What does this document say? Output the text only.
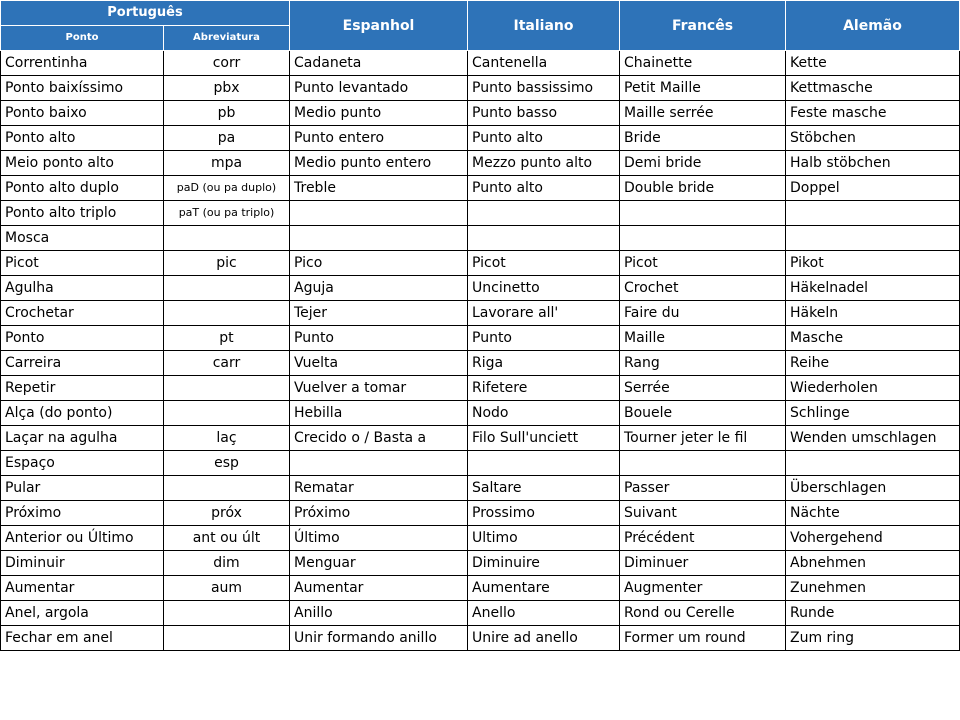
Português		Espanhol	Italiano	Francês	Alemão
Ponto	Abreviatura				
Correntinha	corr	Cadaneta	Cantenella	Chainette	Kette
Ponto baixíssimo	pbx	Punto levantado	Punto bassissimo	Petit Maille	Kettmasche
Ponto baixo	pb	Medio punto	Punto basso	Maille serrée	Feste masche
Ponto alto	pa	Punto entero	Punto alto	Bride	Stöbchen
Meio ponto alto	mpa	Medio punto entero	Mezzo punto alto	Demi bride	Halb stöbchen
Ponto alto duplo	paD (ou pa duplo)	Treble	Punto alto	Double bride	Doppel
Ponto alto triplo	paT (ou pa triplo)				
Mosca					
Picot	pic	Pico	Picot	Picot	Pikot
Agulha		Aguja	Uncinetto	Crochet	Häkelnadel
Crochetar		Tejer	Lavorare all'	Faire du	Häkeln
Ponto	pt	Punto	Punto	Maille	Masche
Carreira	carr	Vuelta	Riga	Rang	Reihe
Repetir		Vuelver a tomar	Rifetere	Serrée	Wiederholen
Alça (do ponto)		Hebilla	Nodo	Bouele	Schlinge
Laçar na agulha	laç	Crecido o / Basta a	Filo Sull'unciett	Tourner jeter le fil	Wenden umschlagen
Espaço	esp				
Pular		Rematar	Saltare	Passer	Überschlagen
Próximo	próx	Próximo	Prossimo	Suivant	Nächte
Anterior ou Último	ant ou últ	Último	Ultimo	Précédent	Vohergehend
Diminuir	dim	Menguar	Diminuire	Diminuer	Abnehmen
Aumentar	aum	Aumentar	Aumentare	Augmenter	Zunehmen
Anel, argola		Anillo	Anello	Rond ou Cerelle	Runde
Fechar em anel		Unir formando anillo	Unire ad anello	Former um round	Zum ring
